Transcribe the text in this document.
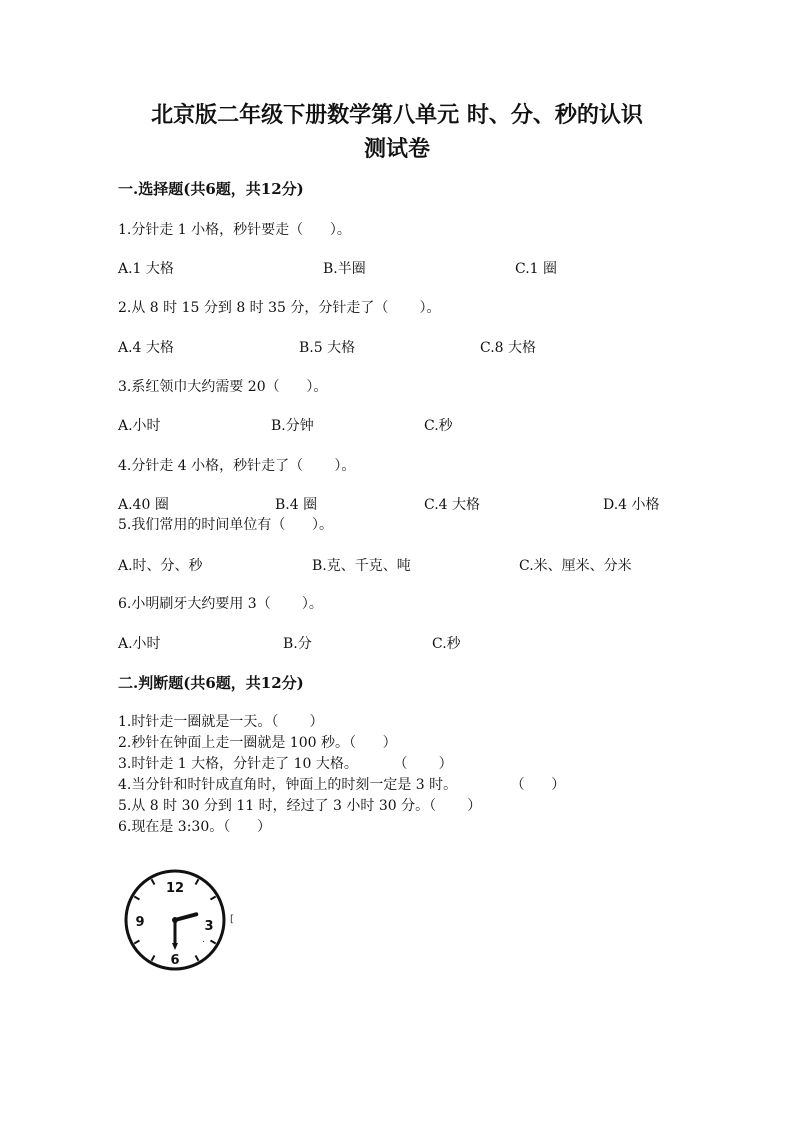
北京版二年级下册数学第八单元 时、分、秒的认识
测试卷
一.选择题(共6题，共12分)
1.分针走 1 小格，秒针要走（      ）。
A.1 大格	B.半圈	C.1 圈
2.从 8 时 15 分到 8 时 35 分，分针走了（       ）。
A.4 大格	B.5 大格	C.8 大格
3.系红领巾大约需要 20（      ）。
A.小时	B.分钟	C.秒
4.分针走 4 小格，秒针走了（       ）。
A.40 圈	B.4 圈	C.4 大格	D.4 小格
5.我们常用的时间单位有（      ）。
A.时、分、秒	B.克、千克、吨	C.米、厘米、分米
6.小明刷牙大约要用 3（       ）。
A.小时	B.分	C.秒
二.判断题(共6题，共12分)
1.时针走一圈就是一天。（       ）
2.秒针在钟面上走一圈就是 100 秒。（      ）
3.时针走 1 大格，分针走了 10 大格。        （       ）
4.当分针和时针成直角时，钟面上的时刻一定是 3 时。            （      ）
5.从 8 时 30 分到 11 时，经过了 3 小时 30 分。（       ）
6.现在是 3:30。（      ）
12
3
6
9	[
.
